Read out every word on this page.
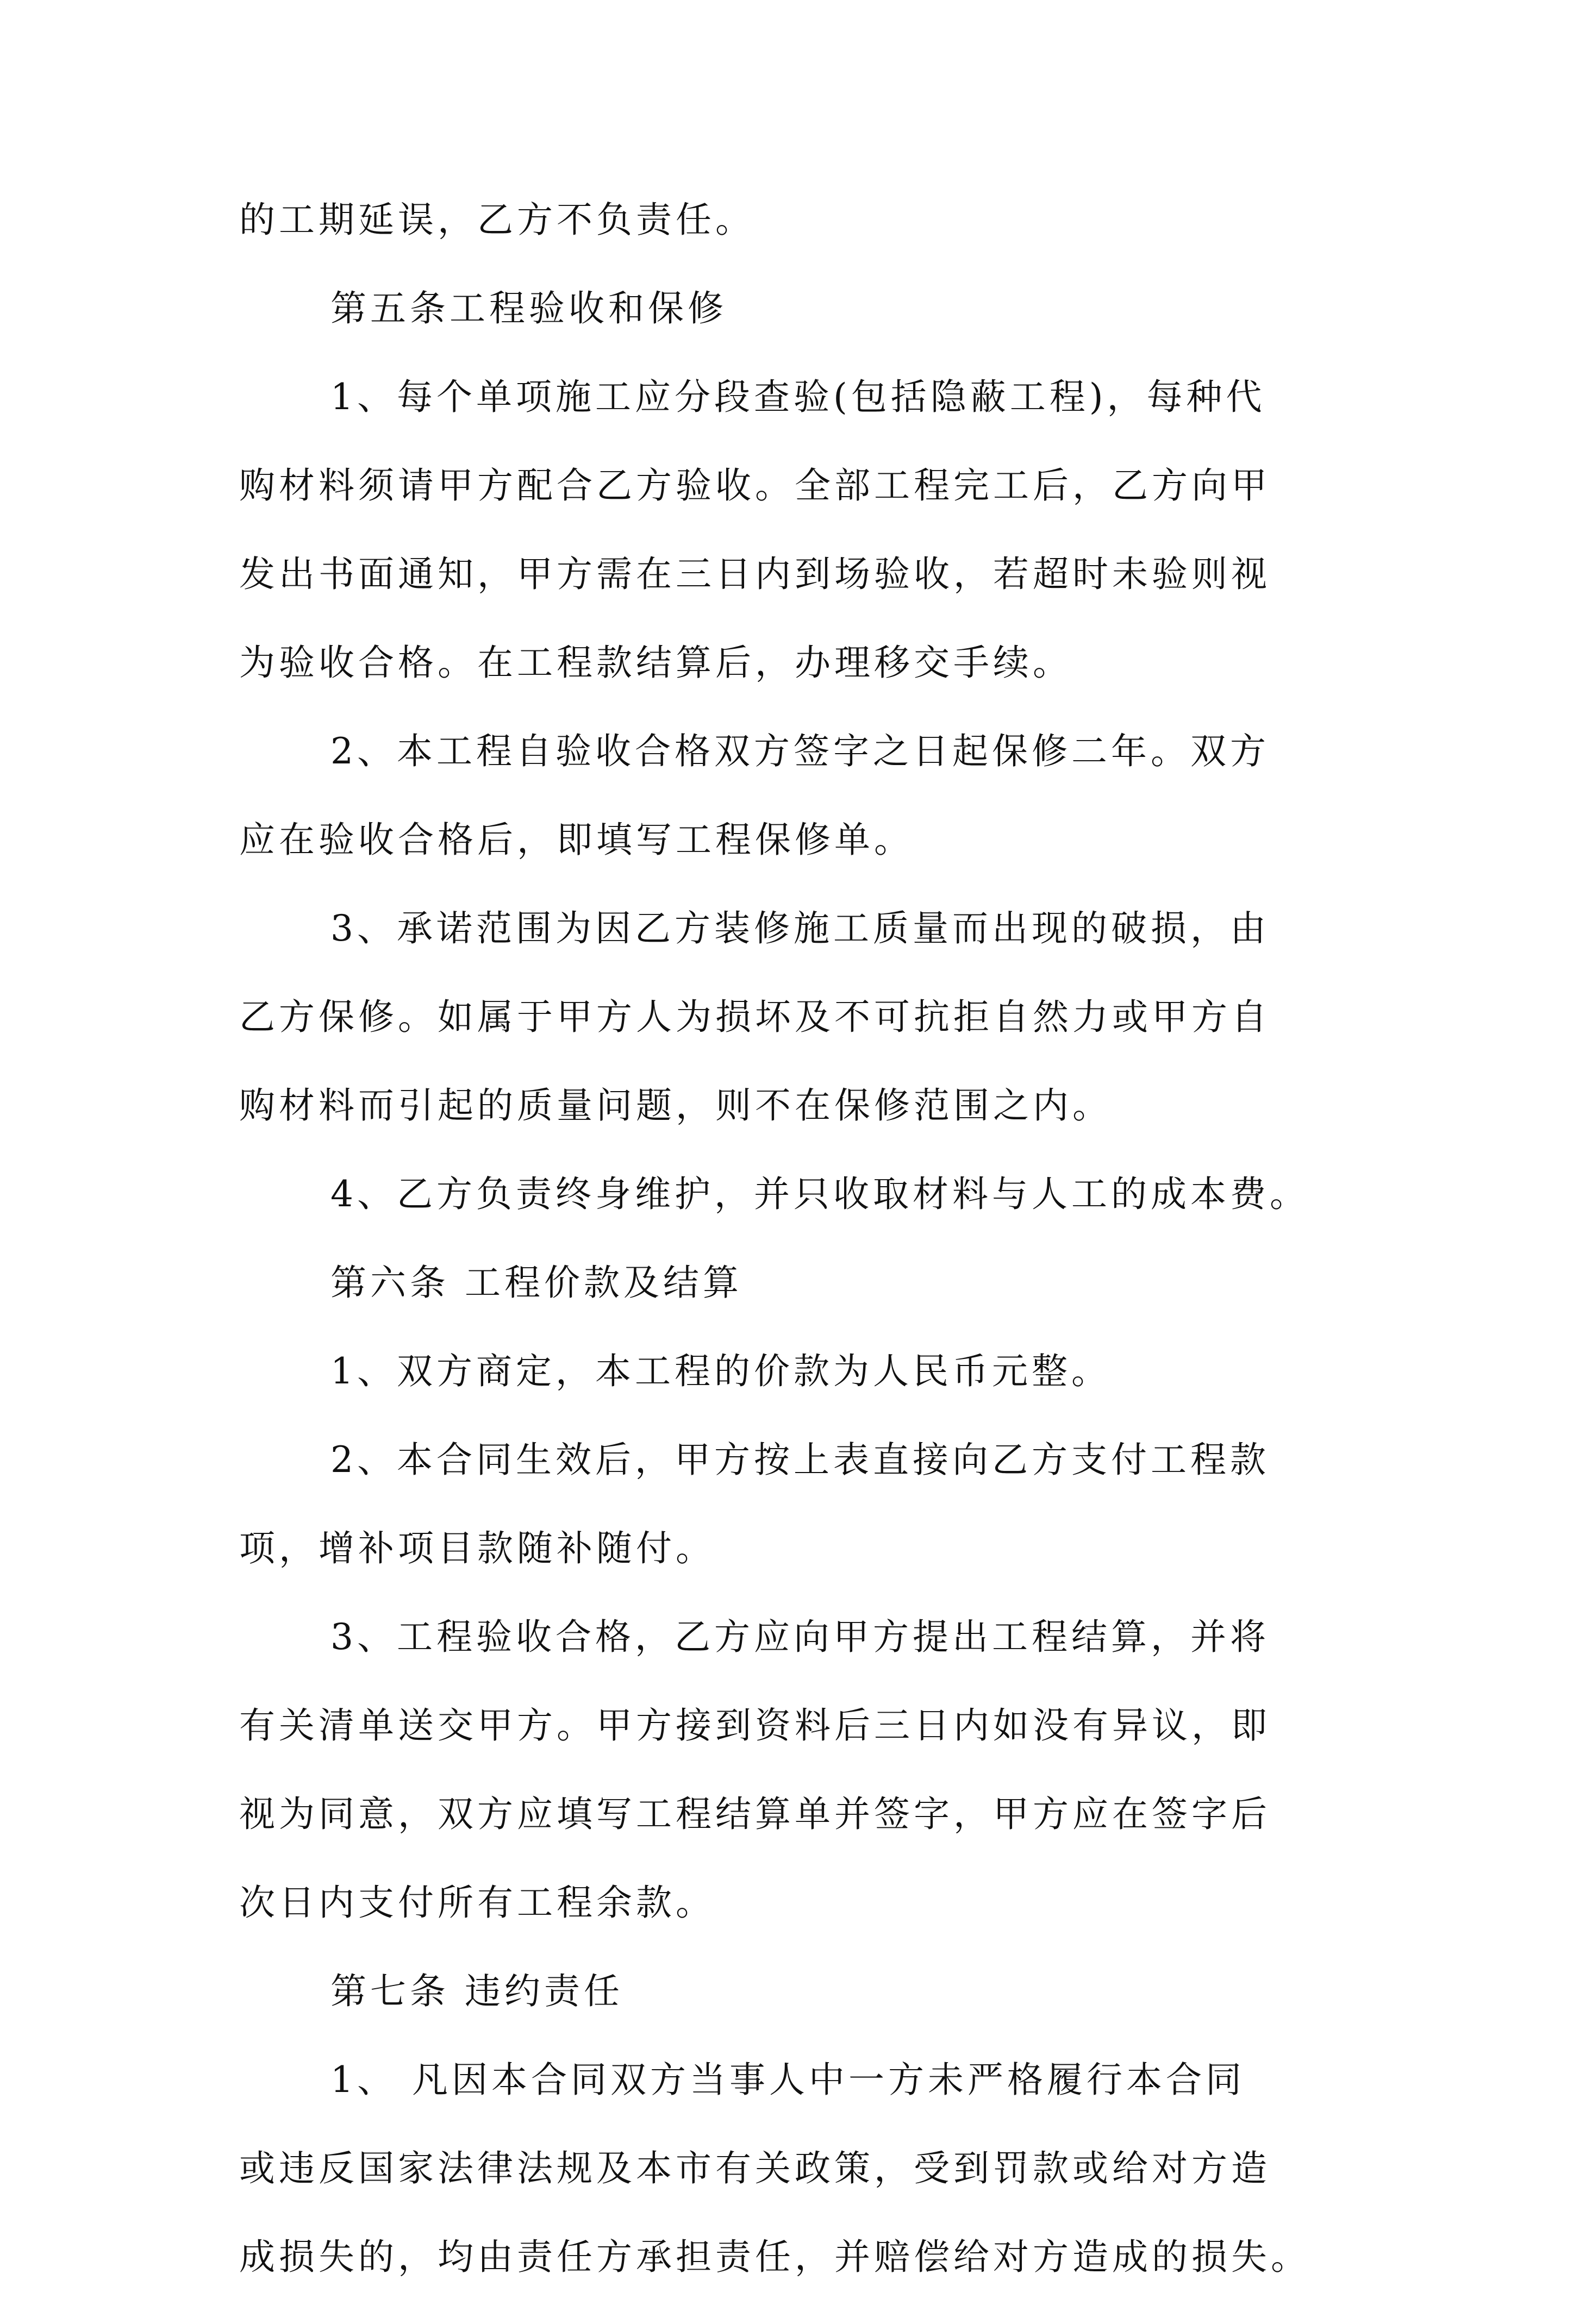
的工期延误，乙方不负责任。
第五条工程验收和保修
1、每个单项施工应分段查验(包括隐蔽工程)，每种代
购材料须请甲方配合乙方验收。全部工程完工后，乙方向甲
发出书面通知，甲方需在三日内到场验收，若超时未验则视
为验收合格。在工程款结算后，办理移交手续。
2、本工程自验收合格双方签字之日起保修二年。双方
应在验收合格后，即填写工程保修单。
3、承诺范围为因乙方装修施工质量而出现的破损，由
乙方保修。如属于甲方人为损坏及不可抗拒自然力或甲方自
购材料而引起的质量问题，则不在保修范围之内。
4、乙方负责终身维护，并只收取材料与人工的成本费。
第六条 工程价款及结算
1、双方商定，本工程的价款为人民币元整。
2、本合同生效后，甲方按上表直接向乙方支付工程款
项，增补项目款随补随付。
3、工程验收合格，乙方应向甲方提出工程结算，并将
有关清单送交甲方。甲方接到资料后三日内如没有异议，即
视为同意，双方应填写工程结算单并签字，甲方应在签字后
次日内支付所有工程余款。
第七条 违约责任
1、 凡因本合同双方当事人中一方未严格履行本合同
或违反国家法律法规及本市有关政策，受到罚款或给对方造
成损失的，均由责任方承担责任，并赔偿给对方造成的损失。
